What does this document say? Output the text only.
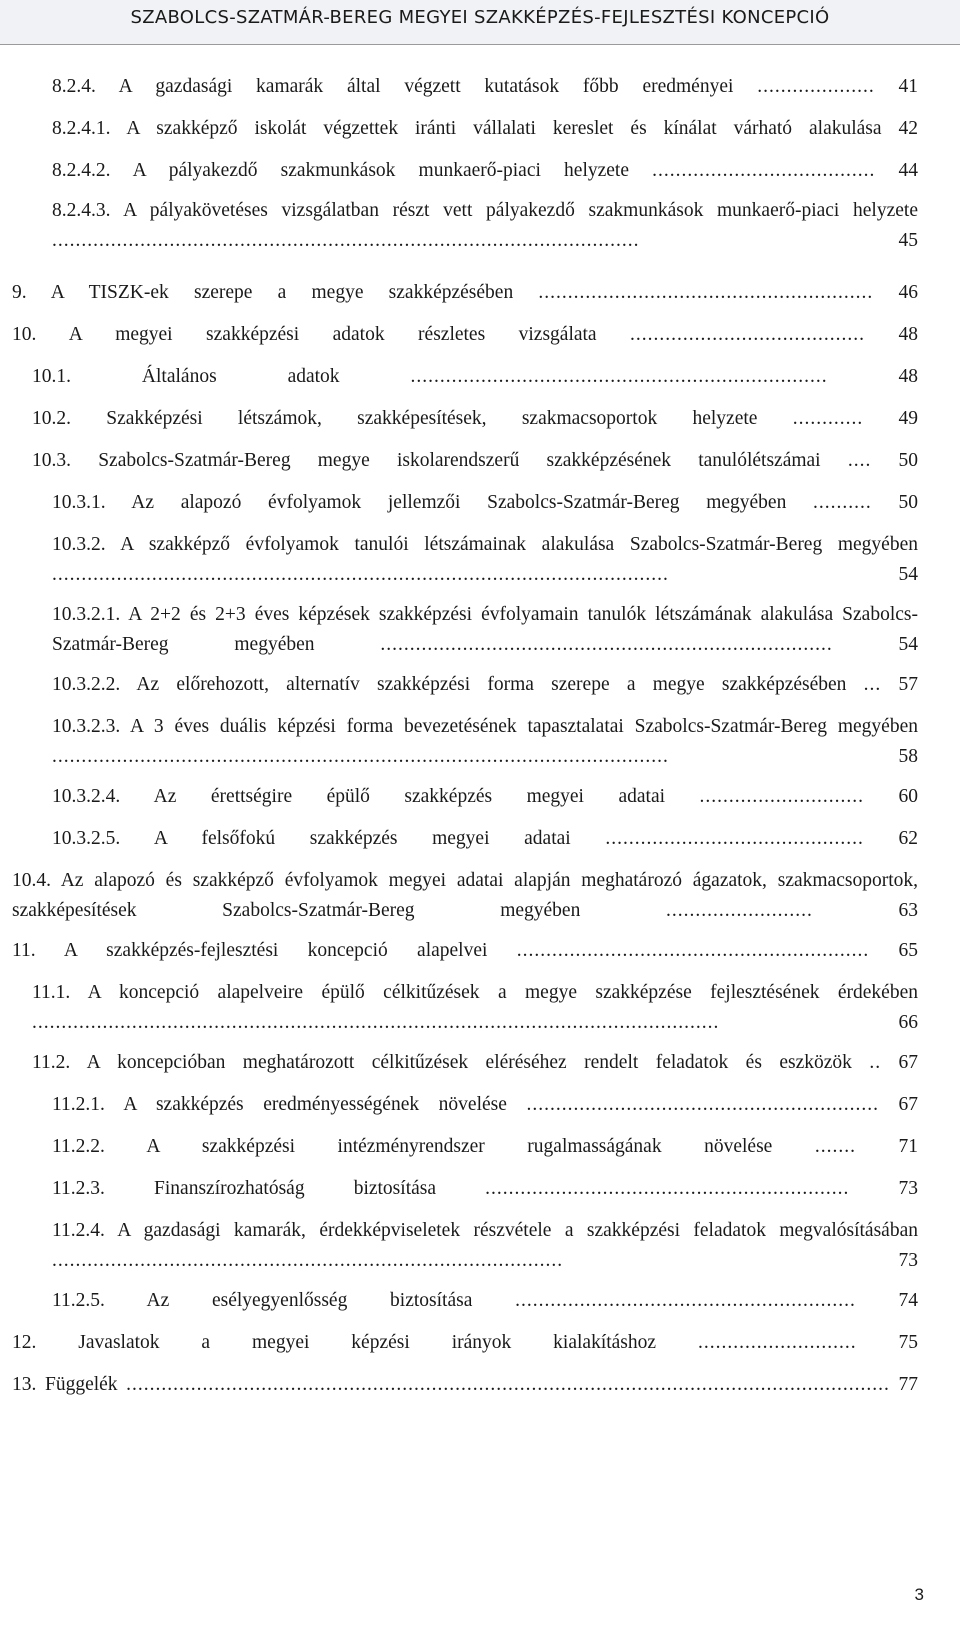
SZABOLCS-SZATMÁR-BEREG MEGYEI SZAKKÉPZÉS-FEJLESZTÉSI KONCEPCIÓ

8.2.4. A gazdasági kamarák által végzett kutatások főbb eredményei .................... 41

8.2.4.1. A szakképző iskolát végzettek iránti vállalati kereslet és kínálat várható alakulása 42

8.2.4.2. A pályakezdő szakmunkások munkaerő-piaci helyzete ...................................... 44

8.2.4.3. A pályakövetéses vizsgálatban részt vett pályakezdő szakmunkások munkaerő-piaci helyzete ....................................................................................................	45

9. A TISZK-ek szerepe a megye szakképzésében ......................................................... 46

10. A megyei szakképzési adatok részletes vizsgálata ........................................ 48

10.1.	Általános adatok	.......................................................................	48

10.2. Szakképzési létszámok, szakképesítések, szakmacsoportok helyzete ............ 49

10.3. Szabolcs-Szatmár-Bereg megye iskolarendszerű szakképzésének tanulólétszámai .... 50

10.3.1. Az alapozó évfolyamok jellemzői Szabolcs-Szatmár-Bereg megyében .......... 50

10.3.2. A szakképző évfolyamok tanulói létszámainak alakulása Szabolcs-Szatmár-Bereg megyében .........................................................................................................	54

10.3.2.1. A 2+2 és 2+3 éves képzések szakképzési évfolyamain tanulók létszámának alakulása Szabolcs-Szatmár-Bereg megyében	.............................................................................	54

10.3.2.2. Az előrehozott, alternatív szakképzési forma szerepe a megye szakképzésében ... 57

10.3.2.3. A 3 éves duális képzési forma bevezetésének tapasztalatai Szabolcs-Szatmár-Bereg megyében .........................................................................................................	58

10.3.2.4. Az érettségire épülő szakképzés megyei adatai ............................ 60

10.3.2.5. A felsőfokú szakképzés megyei adatai ............................................ 62

10.4. Az alapozó és szakképző évfolyamok megyei adatai alapján meghatározó ágazatok, szakmacsoportok, szakképesítések Szabolcs-Szatmár-Bereg megyében	.........................	63

11. A szakképzés-fejlesztési koncepció alapelvei ............................................................ 65

11.1. A koncepció alapelveire épülő célkitűzések a megye szakképzése fejlesztésének érdekében .....................................................................................................................	66

11.2. A koncepcióban meghatározott célkitűzések eléréséhez rendelt feladatok és eszközök .. 67

11.2.1. A szakképzés eredményességének növelése ............................................................ 67

11.2.2. A szakképzési intézményrendszer rugalmasságának növelése ....... 71

11.2.3.	Finanszírozhatóság biztosítása	..............................................................	73

11.2.4. A gazdasági kamarák, érdekképviseletek részvétele a szakképzési feladatok megvalósításában .......................................................................................	73

11.2.5. Az esélyegyenlősség biztosítása .......................................................... 74

12. Javaslatok a megyei képzési irányok kialakításhoz ........................... 75

13. Függelék .................................................................................................................................. 77

3
